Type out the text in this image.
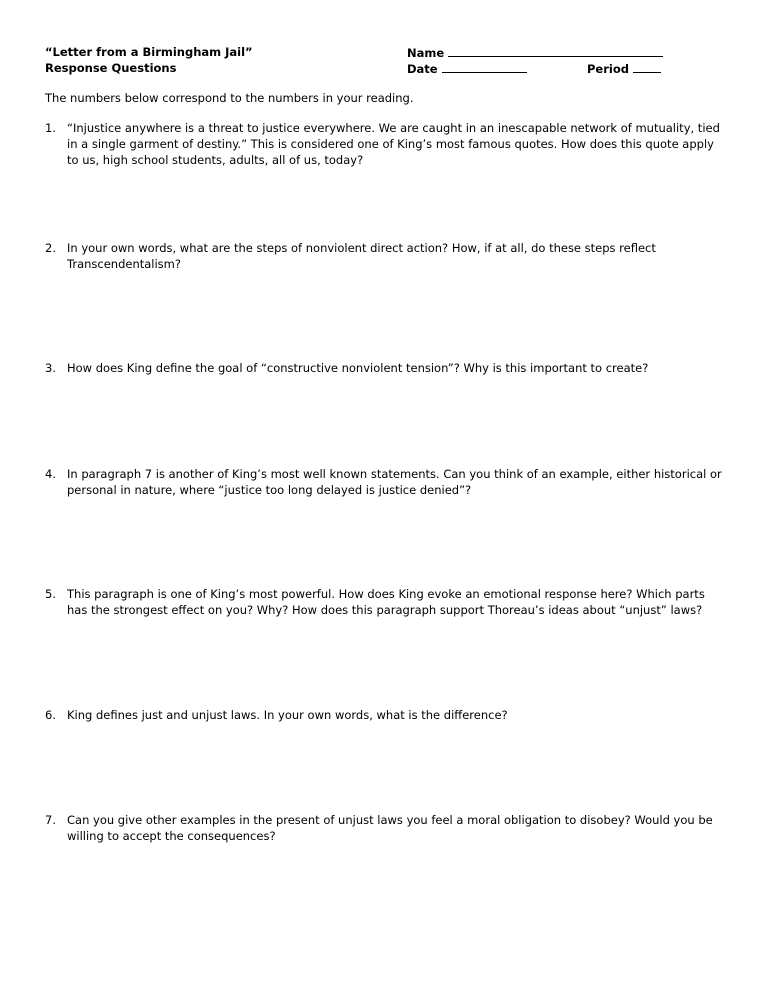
“Letter from a Birmingham Jail”
Response Questions
Name
Date	Period
The numbers below correspond to the numbers in your reading.
1. “Injustice anywhere is a threat to justice everywhere. We are caught in an inescapable network of mutuality, tied in a single garment of destiny.” This is considered one of King’s most famous quotes. How does this quote apply to us, high school students, adults, all of us, today?
2. In your own words, what are the steps of nonviolent direct action? How, if at all, do these steps reflect Transcendentalism?
3. How does King define the goal of “constructive nonviolent tension”? Why is this important to create?
4. In paragraph 7 is another of King’s most well known statements. Can you think of an example, either historical or personal in nature, where “justice too long delayed is justice denied”?
5. This paragraph is one of King’s most powerful. How does King evoke an emotional response here? Which parts has the strongest effect on you? Why? How does this paragraph support Thoreau’s ideas about “unjust” laws?
6. King defines just and unjust laws. In your own words, what is the difference?
7. Can you give other examples in the present of unjust laws you feel a moral obligation to disobey? Would you be willing to accept the consequences?
